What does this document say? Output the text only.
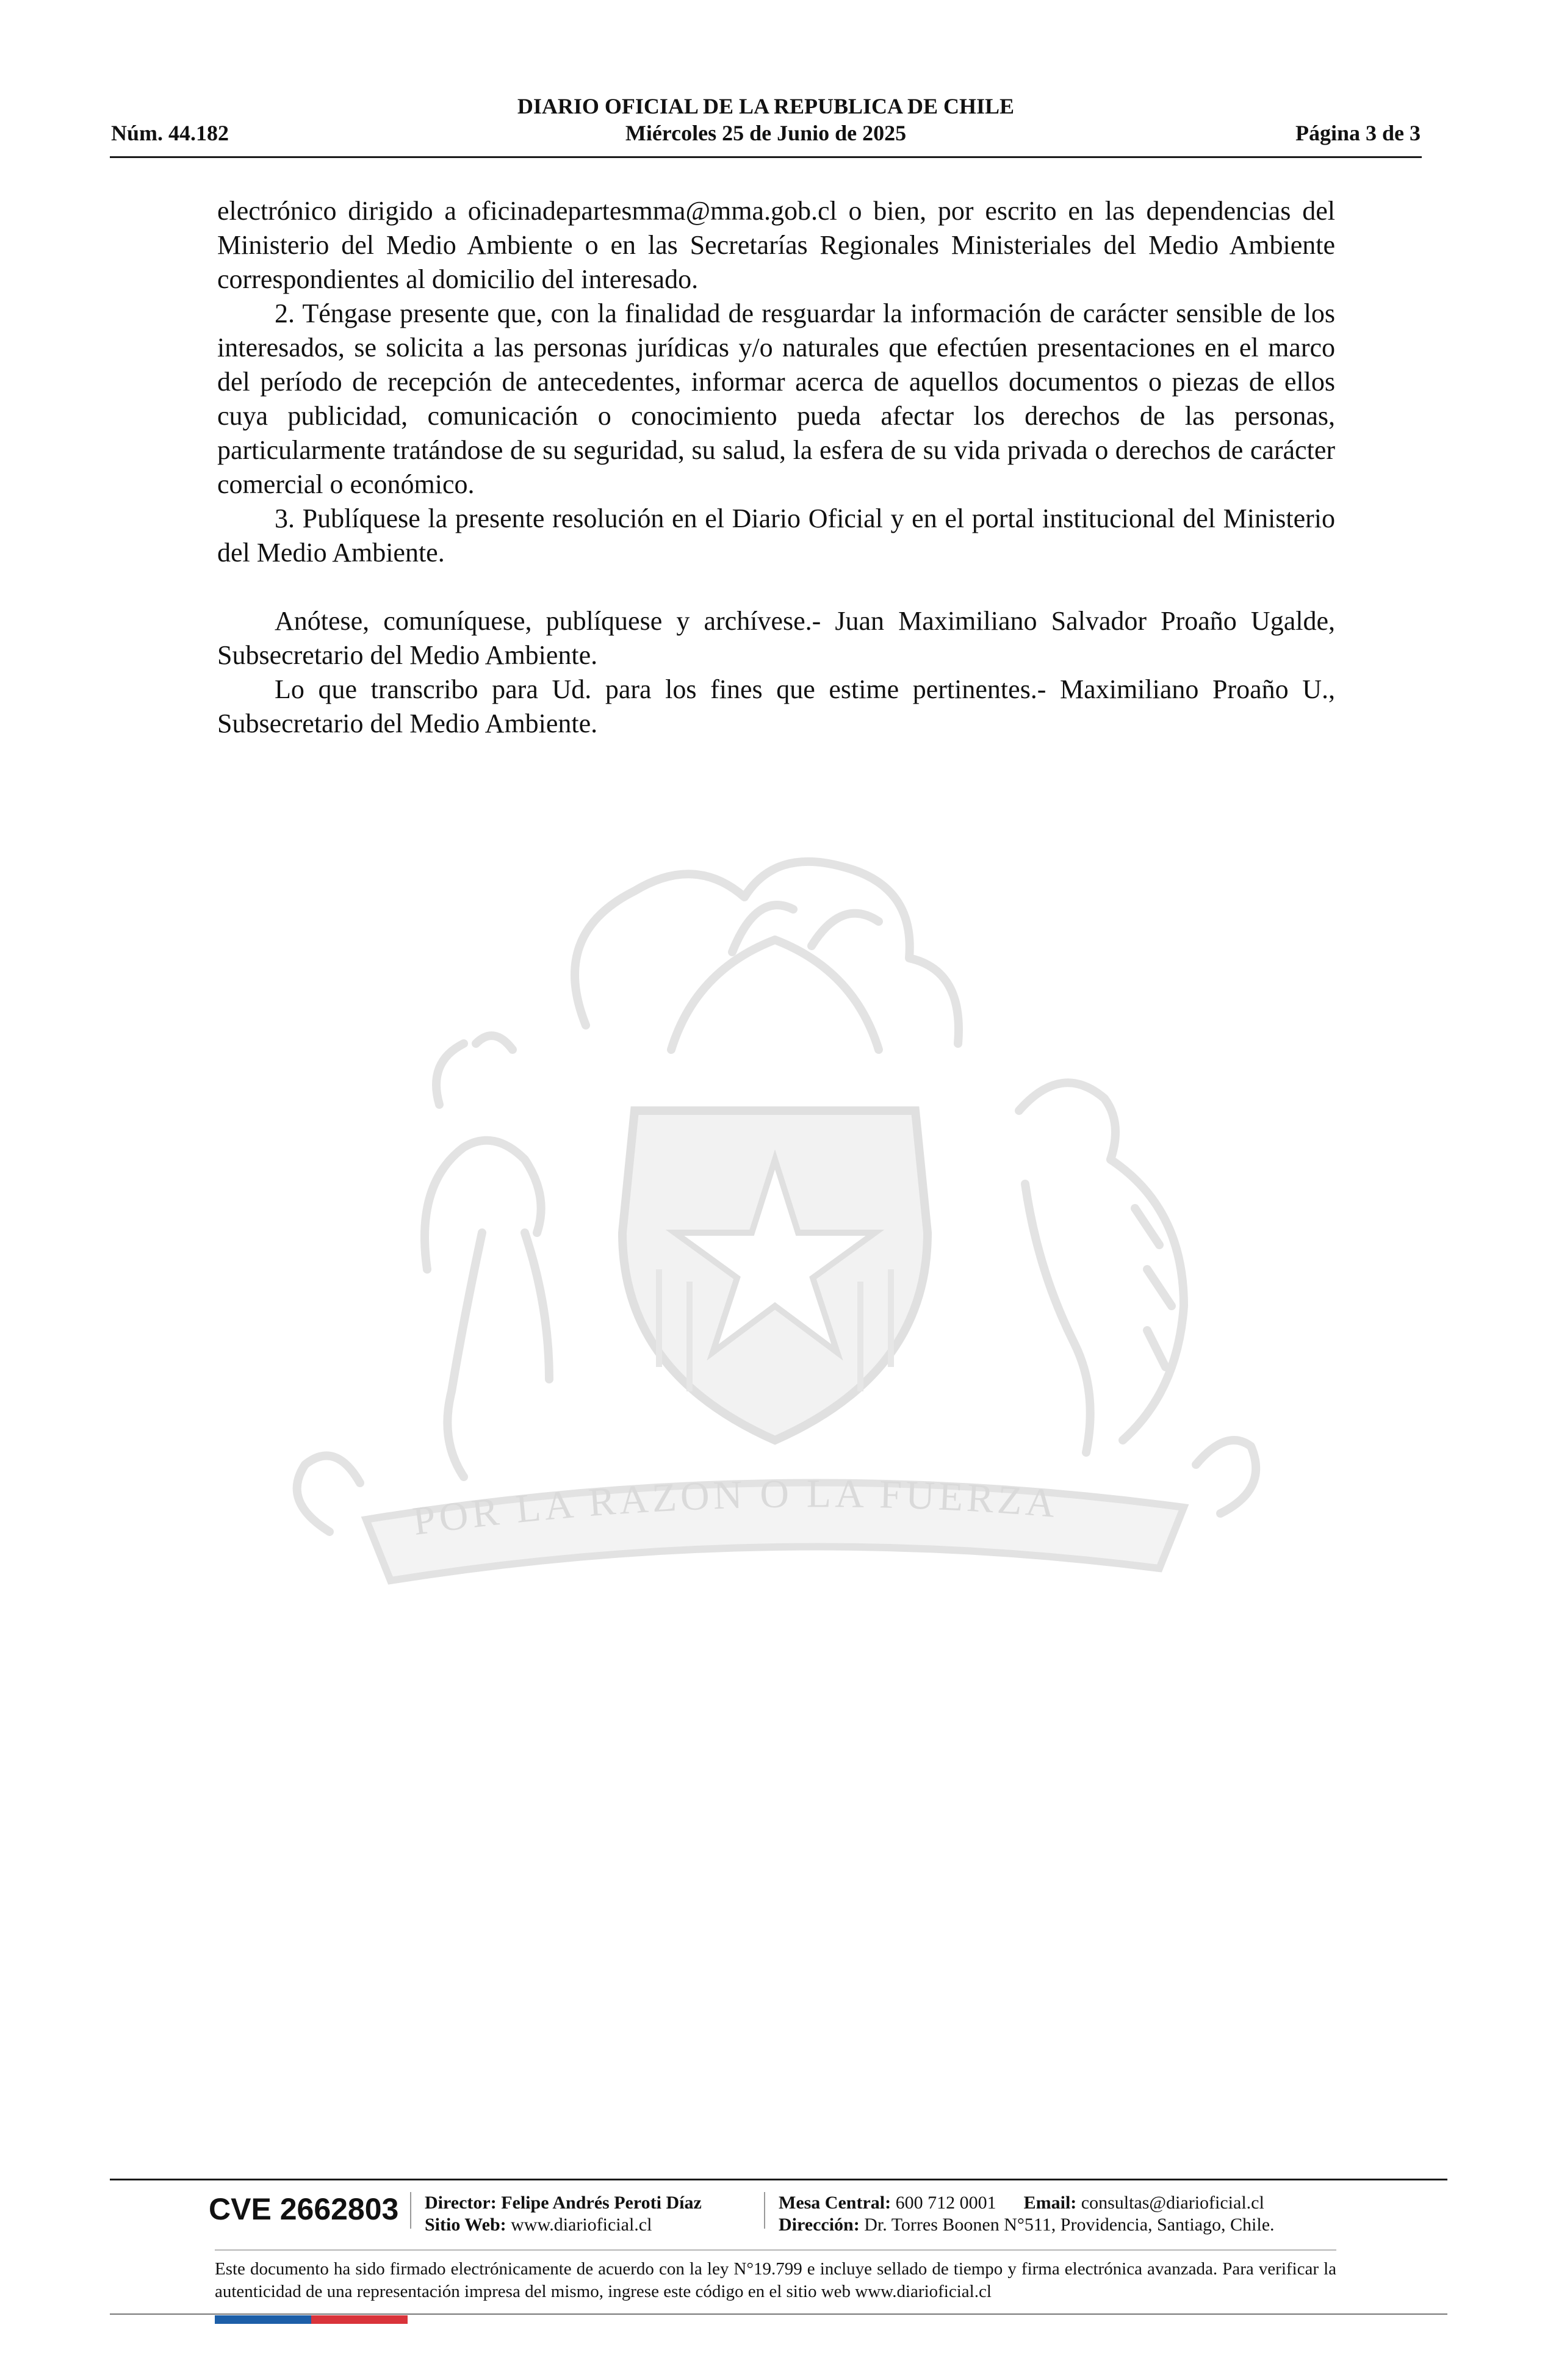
DIARIO OFICIAL DE LA REPUBLICA DE CHILE
Núm. 44.182	Miércoles 25 de Junio de 2025	Página 3 de 3

electrónico dirigido a oficinadepartesmma@mma.gob.cl o bien, por escrito en las dependencias del Ministerio del Medio Ambiente o en las Secretarías Regionales Ministeriales del Medio Ambiente correspondientes al domicilio del interesado.

2. Téngase presente que, con la finalidad de resguardar la información de carácter sensible de los interesados, se solicita a las personas jurídicas y/o naturales que efectúen presentaciones en el marco del período de recepción de antecedentes, informar acerca de aquellos documentos o piezas de ellos cuya publicidad, comunicación o conocimiento pueda afectar los derechos de las personas, particularmente tratándose de su seguridad, su salud, la esfera de su vida privada o derechos de carácter comercial o económico.

3. Publíquese la presente resolución en el Diario Oficial y en el portal institucional del Ministerio del Medio Ambiente.

Anótese, comuníquese, publíquese y archívese.- Juan Maximiliano Salvador Proaño Ugalde, Subsecretario del Medio Ambiente.

Lo que transcribo para Ud. para los fines que estime pertinentes.- Maximiliano Proaño U., Subsecretario del Medio Ambiente.

POR LA RAZON O LA FUERZA
CVE 2662803 Director: Felipe Andrés Peroti Díaz
Sitio Web: www.diarioficial.cl
Mesa Central: 600 712 0001 Email: consultas@diarioficial.cl
Dirección: Dr. Torres Boonen N°511, Providencia, Santiago, Chile.
Este documento ha sido firmado electrónicamente de acuerdo con la ley N°19.799 e incluye sellado de tiempo y firma electrónica avanzada. Para verificar la autenticidad de una representación impresa del mismo, ingrese este código en el sitio web www.diarioficial.cl
